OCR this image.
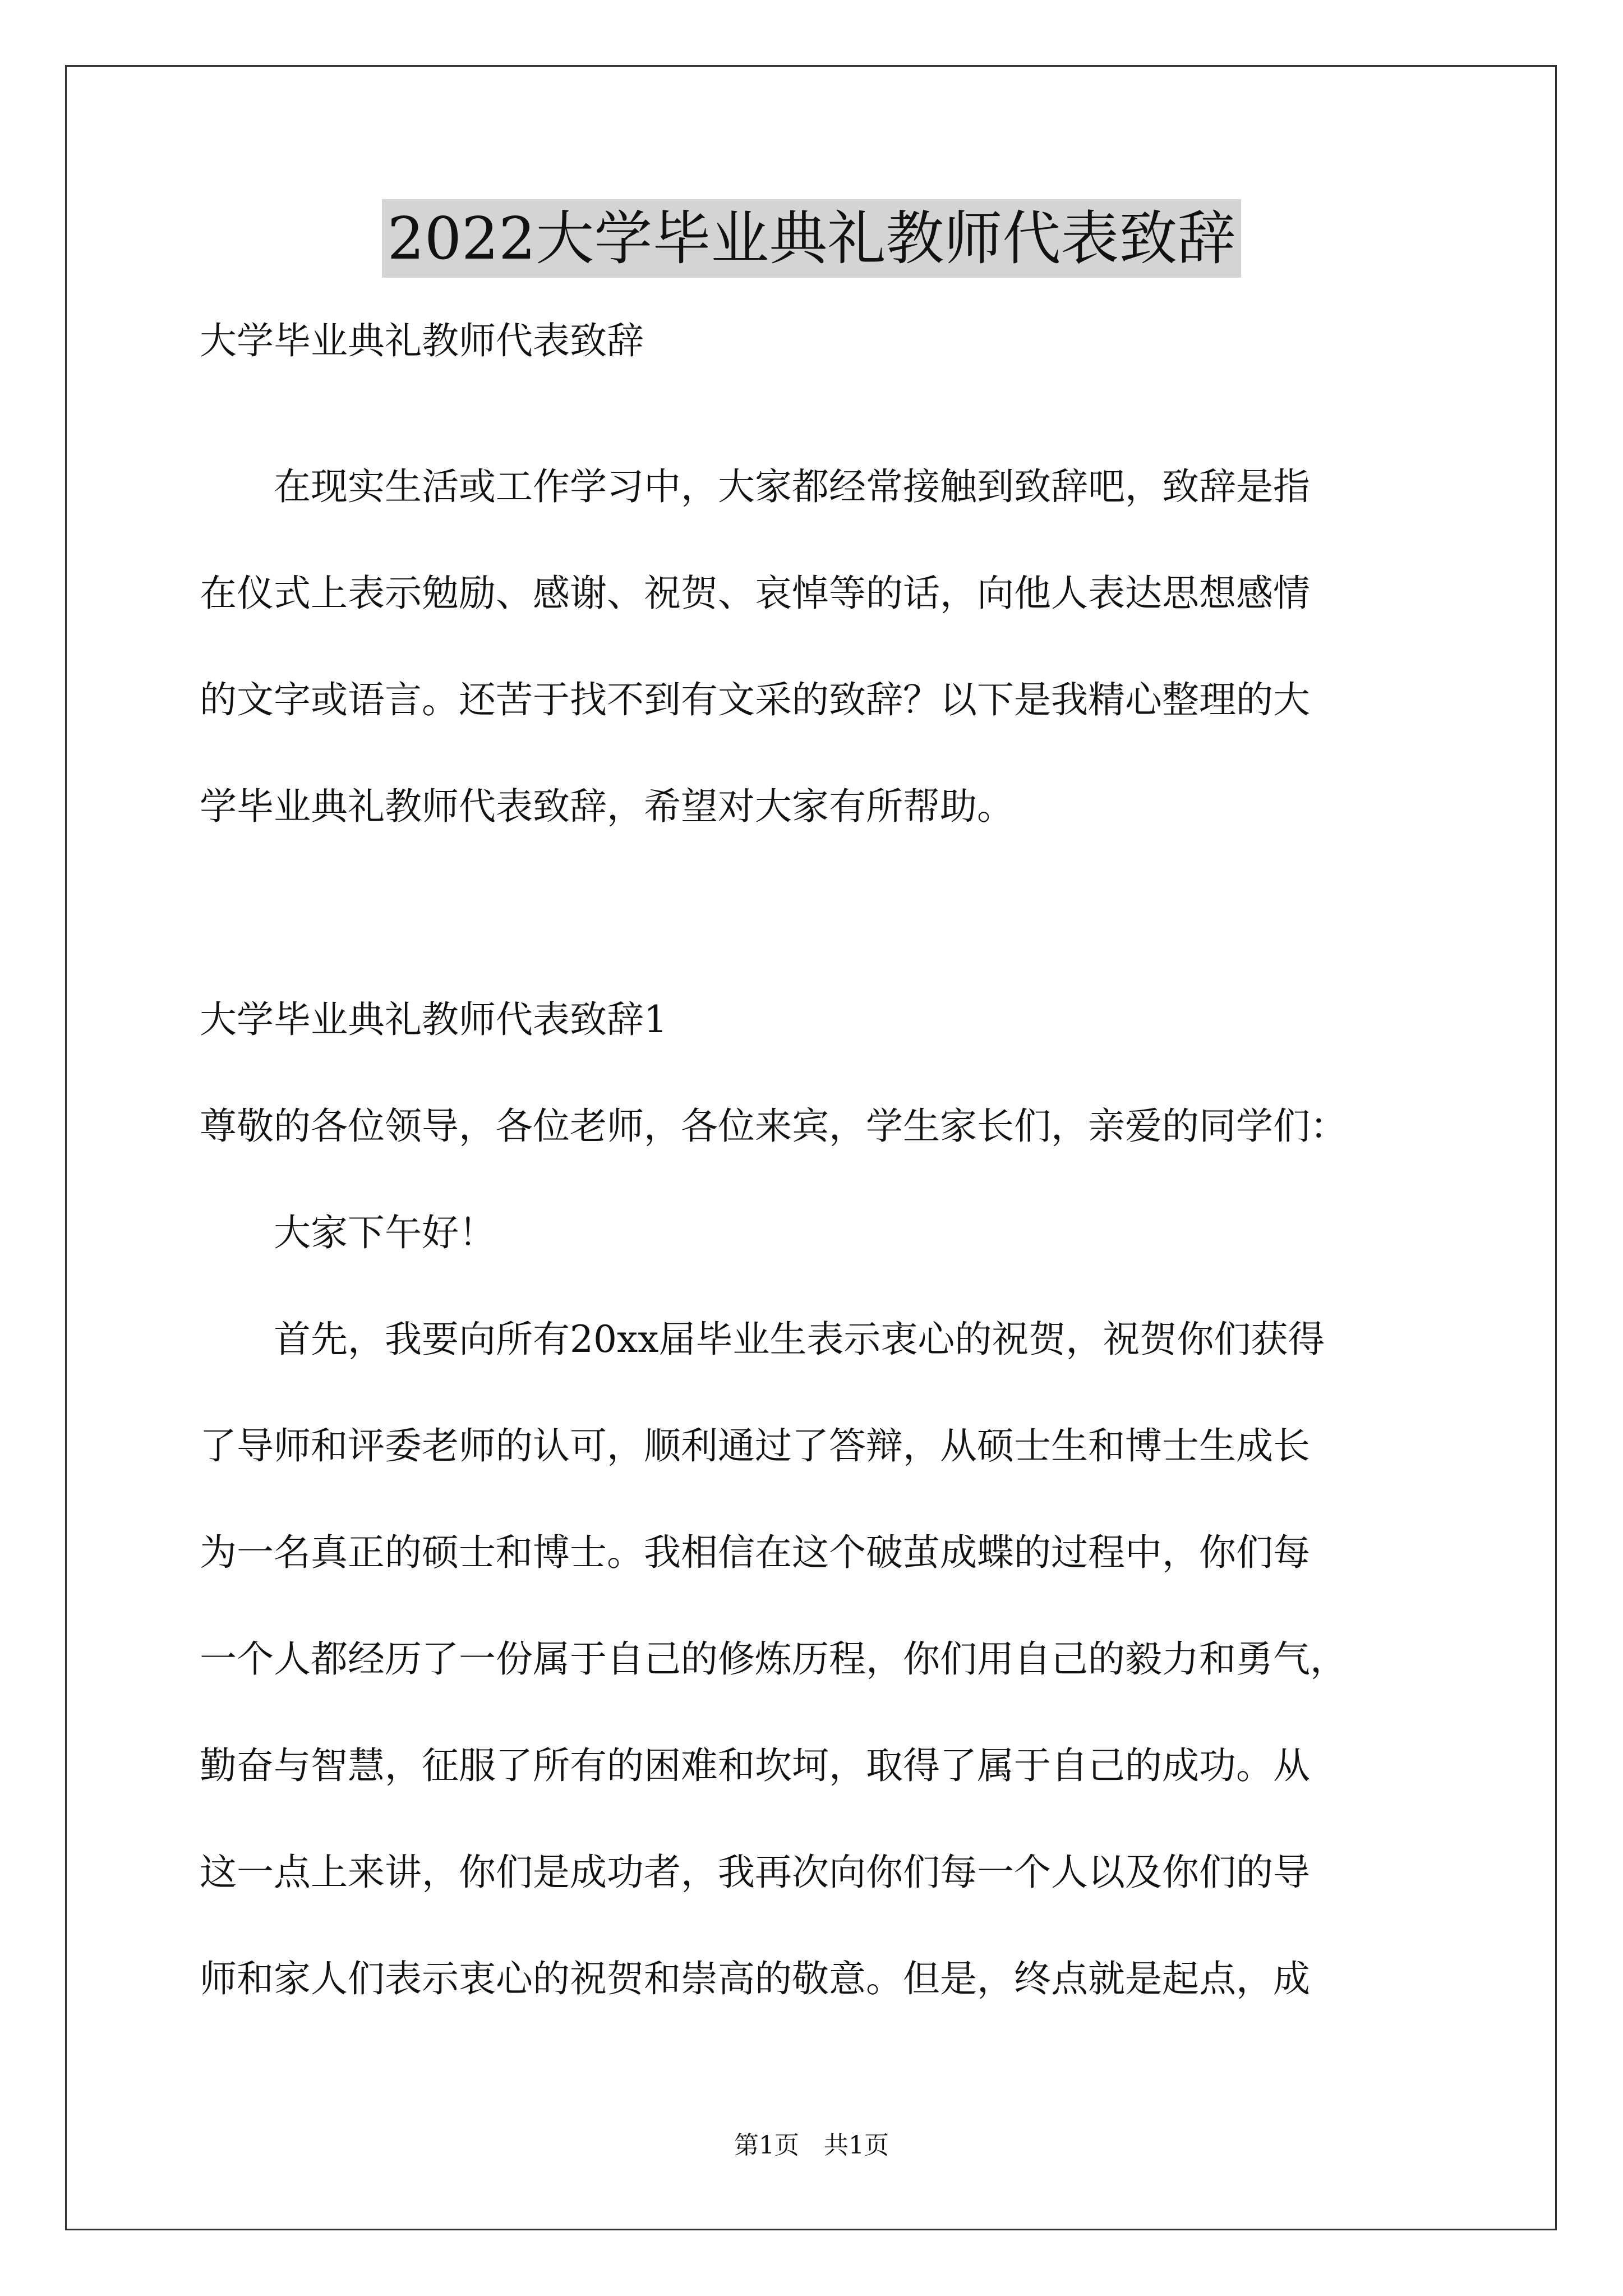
2022大学毕业典礼教师代表致辞
大学毕业典礼教师代表致辞
　　在现实生活或工作学习中，大家都经常接触到致辞吧，致辞是指
在仪式上表示勉励、感谢、祝贺、哀悼等的话，向他人表达思想感情
的文字或语言。还苦于找不到有文采的致辞？以下是我精心整理的大
学毕业典礼教师代表致辞，希望对大家有所帮助。
大学毕业典礼教师代表致辞1
尊敬的各位领导，各位老师，各位来宾，学生家长们，亲爱的同学们：
　　大家下午好！
　　首先，我要向所有20xx届毕业生表示衷心的祝贺，祝贺你们获得
了导师和评委老师的认可，顺利通过了答辩，从硕士生和博士生成长
为一名真正的硕士和博士。我相信在这个破茧成蝶的过程中，你们每
一个人都经历了一份属于自己的修炼历程，你们用自己的毅力和勇气，
勤奋与智慧，征服了所有的困难和坎坷，取得了属于自己的成功。从
这一点上来讲，你们是成功者，我再次向你们每一个人以及你们的导
师和家人们表示衷心的祝贺和崇高的敬意。但是，终点就是起点，成
第1页　共1页
